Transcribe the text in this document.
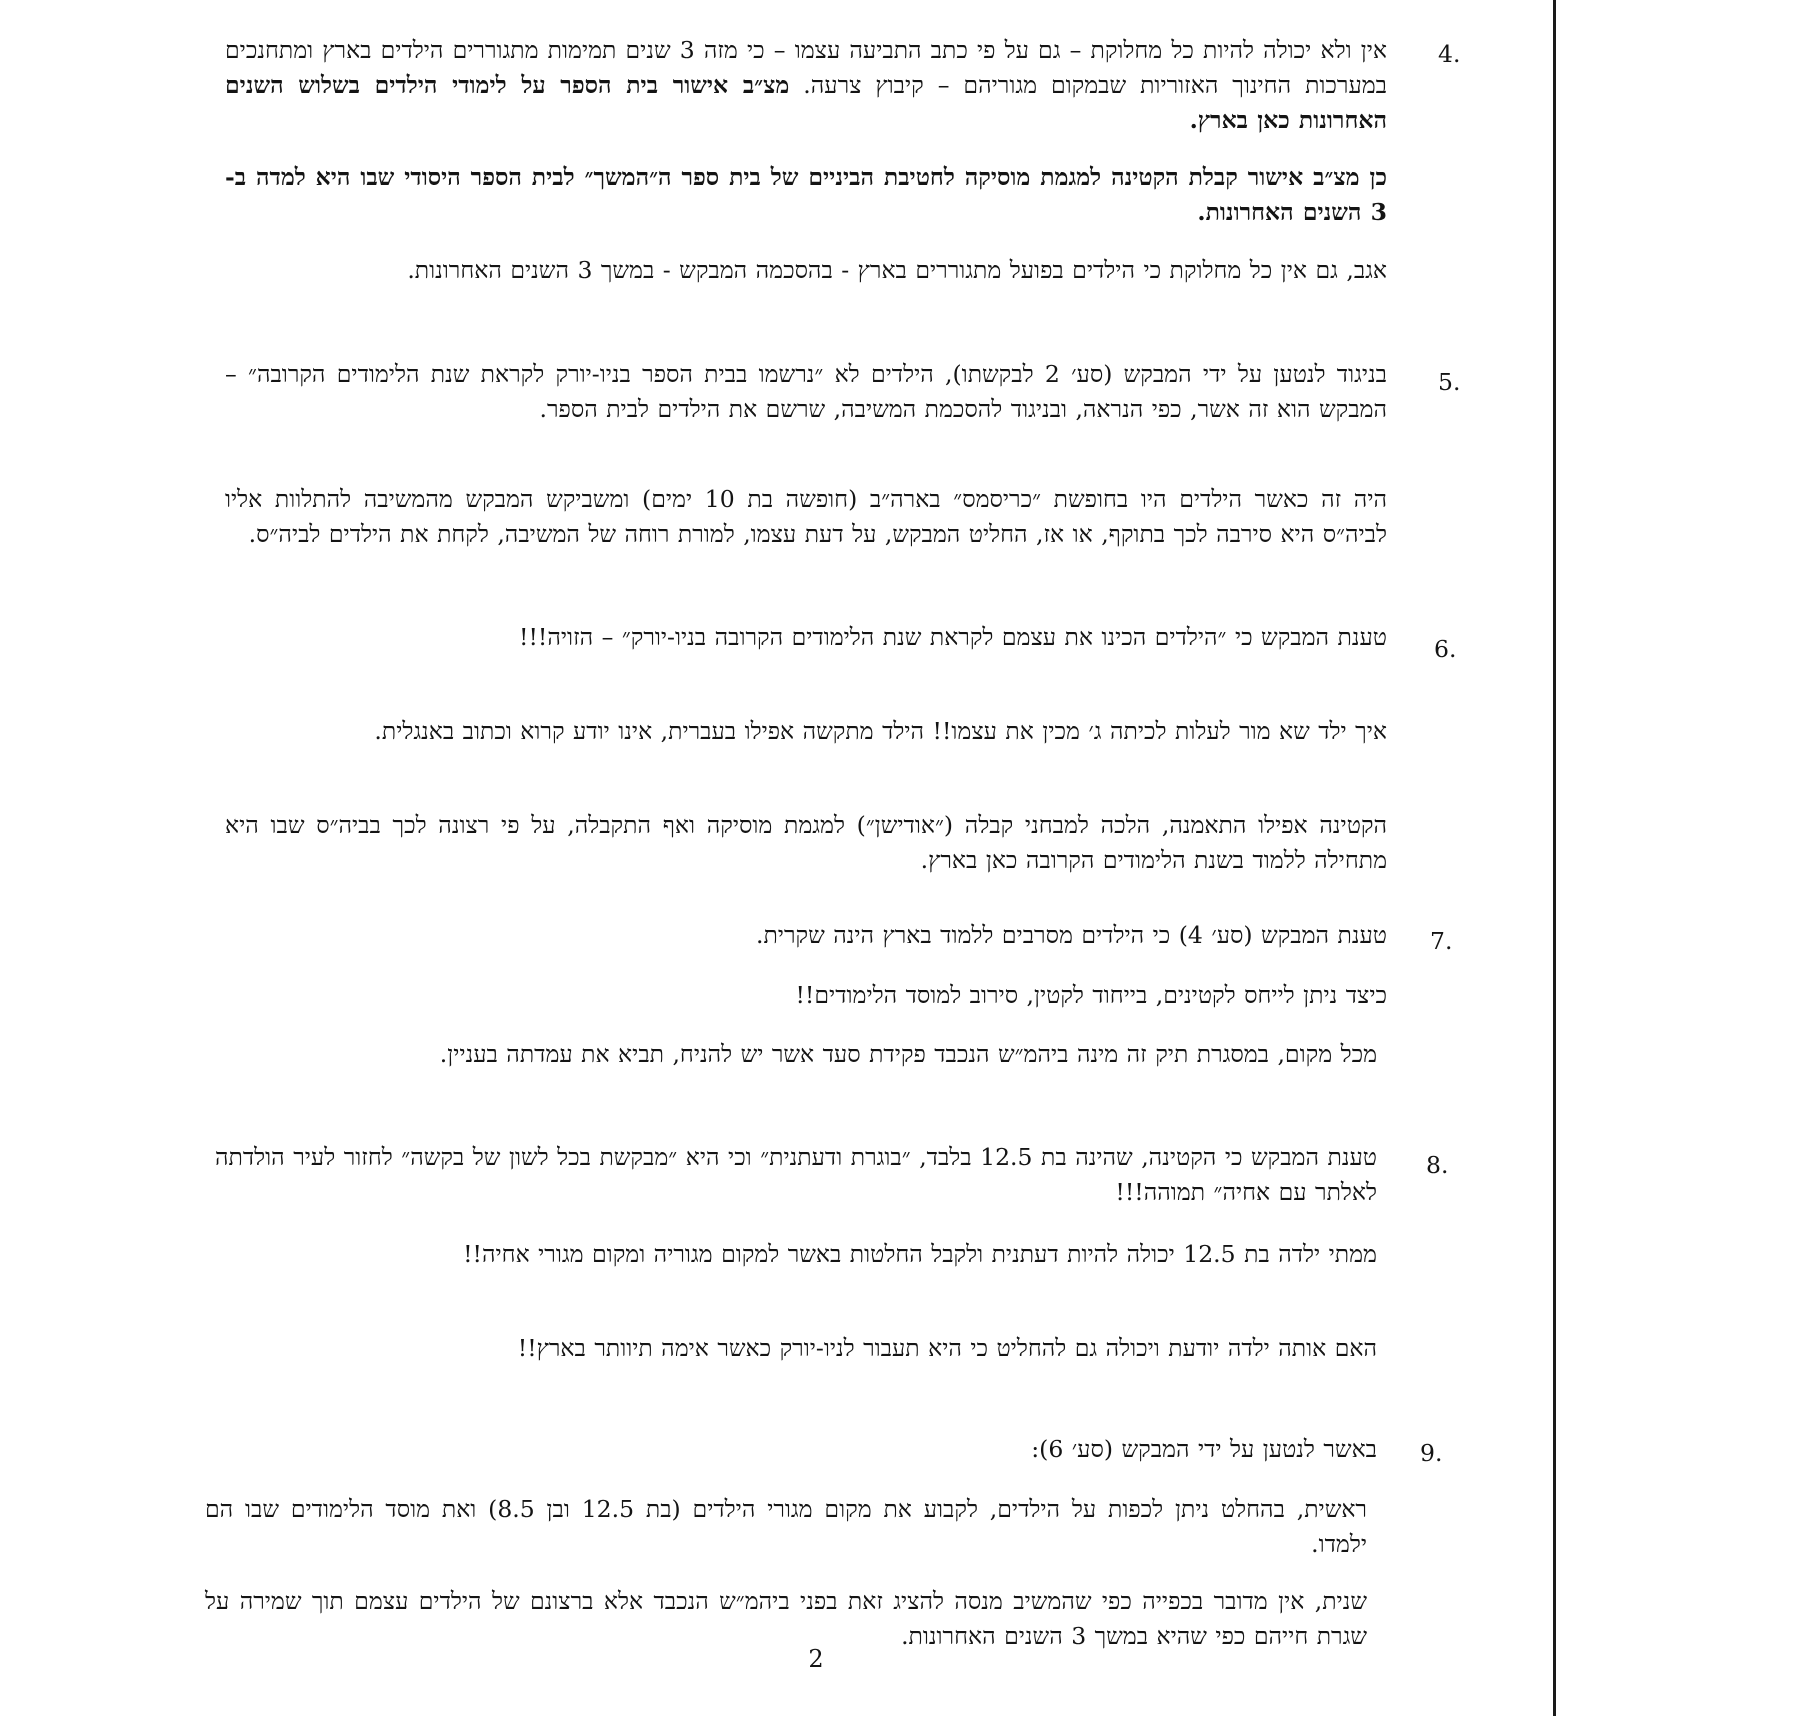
4.

אין ולא יכולה להיות כל מחלוקת – גם על פי כתב התביעה עצמו – כי מזה 3 שנים תמימות מתגוררים הילדים בארץ ומתחנכים במערכות החינוך האזוריות שבמקום מגוריהם – קיבוץ צרעה. מצ״ב אישור בית הספר על לימודי הילדים בשלוש השנים האחרונות כאן בארץ.

כן מצ״ב אישור קבלת הקטינה למגמת מוסיקה לחטיבת הביניים של בית ספר ה״המשך״ לבית הספר היסודי שבו היא למדה ב- 3 השנים האחרונות.

אגב, גם אין כל מחלוקת כי הילדים בפועל מתגוררים בארץ - בהסכמה המבקש - במשך 3 השנים האחרונות.

5.

בניגוד לנטען על ידי המבקש (סע׳ 2 לבקשתו), הילדים לא ״נרשמו בבית הספר בניו-יורק לקראת שנת הלימודים הקרובה״ – המבקש הוא זה אשר, כפי הנראה, ובניגוד להסכמת המשיבה, שרשם את הילדים לבית הספר.

היה זה כאשר הילדים היו בחופשת ״כריסמס״ בארה״ב (חופשה בת 10 ימים) ומשביקש המבקש מהמשיבה להתלוות אליו לביה״ס היא סירבה לכך בתוקף, או אז, החליט המבקש, על דעת עצמו, למורת רוחה של המשיבה, לקחת את הילדים לביה״ס.

6.

טענת המבקש כי ״הילדים הכינו את עצמם לקראת שנת הלימודים הקרובה בניו-יורק״ – הזויה!!!

איך ילד שא מור לעלות לכיתה ג׳ מכין את עצמו!! הילד מתקשה אפילו בעברית, אינו יודע קרוא וכתוב באנגלית.

הקטינה אפילו התאמנה, הלכה למבחני קבלה (״אודישן״) למגמת מוסיקה ואף התקבלה, על פי רצונה לכך בביה״ס שבו היא מתחילה ללמוד בשנת הלימודים הקרובה כאן בארץ.

7.

טענת המבקש (סע׳ 4) כי הילדים מסרבים ללמוד בארץ הינה שקרית.

כיצד ניתן לייחס לקטינים, בייחוד לקטין, סירוב למוסד הלימודים!!

מכל מקום, במסגרת תיק זה מינה ביהמ״ש הנכבד פקידת סעד אשר יש להניח, תביא את עמדתה בעניין.

8.

טענת המבקש כי הקטינה, שהינה בת 12.5 בלבד, ״בוגרת ודעתנית״ וכי היא ״מבקשת בכל לשון של בקשה״ לחזור לעיר הולדתה לאלתר עם אחיה״ תמוהה!!!

ממתי ילדה בת 12.5 יכולה להיות דעתנית ולקבל החלטות באשר למקום מגוריה ומקום מגורי אחיה!!

האם אותה ילדה יודעת ויכולה גם להחליט כי היא תעבור לניו-יורק כאשר אימה תיוותר בארץ!!

9.

באשר לנטען על ידי המבקש (סע׳ 6):

ראשית, בהחלט ניתן לכפות על הילדים, לקבוע את מקום מגורי הילדים (בת 12.5 ובן 8.5) ואת מוסד הלימודים שבו הם ילמדו.

שנית, אין מדובר בכפייה כפי שהמשיב מנסה להציג זאת בפני ביהמ״ש הנכבד אלא ברצונם של הילדים עצמם תוך שמירה על שגרת חייהם כפי שהיא במשך 3 השנים האחרונות.

2
